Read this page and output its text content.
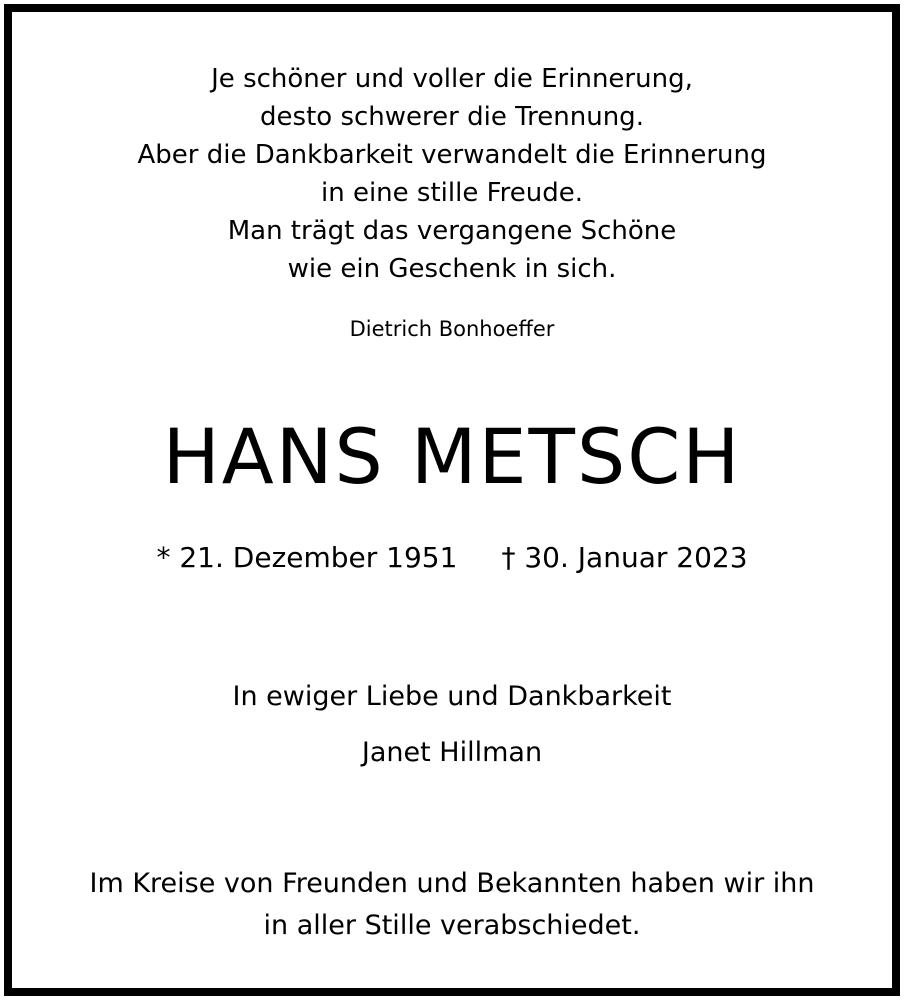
Je schöner und voller die Erinnerung,
desto schwerer die Trennung.
Aber die Dankbarkeit verwandelt die Erinnerung
in eine stille Freude.
Man trägt das vergangene Schöne
wie ein Geschenk in sich.
Dietrich Bonhoeffer
HANS METSCH
* 21. Dezember 1951 † 30. Januar 2023
In ewiger Liebe und Dankbarkeit
Janet Hillman
Im Kreise von Freunden und Bekannten haben wir ihn
in aller Stille verabschiedet.
